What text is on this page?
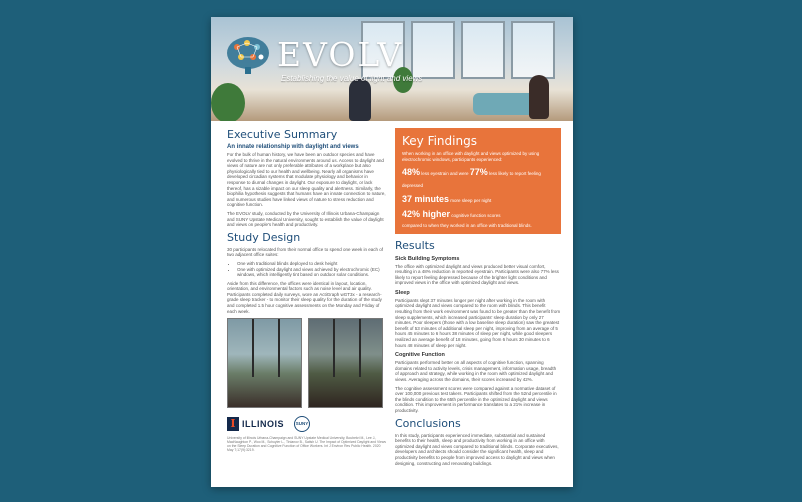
EVOLV
Establishing the value of light and views
Executive Summary
An innate relationship with daylight and views

For the bulk of human history, we have been an outdoor species and have evolved to thrive in the natural environments around us. Access to daylight and views of nature are not only preferable attributes of a workplace but also physiologically tied to our health and wellbeing. Nearly all organisms have developed circadian systems that modulate physiology and behavior in response to diurnal changes in daylight. Our exposure to daylight, or lack thereof, has a sizable impact on our sleep quality and alertness. Similarly, the biophilia hypothesis suggests that humans have an innate connection to nature, and numerous studies have linked views of nature to stress reduction and cognitive function.

The EVOLV study, conducted by the University of Illinois Urbana-Champaign and SUNY Upstate Medical University, sought to establish the value of daylight and views on people's health and productivity.

Study Design

30 participants relocated from their normal office to spend one week in each of two adjacent office suites:

• One with traditional blinds deployed to desk height
• One with optimized daylight and views achieved by electrochromic (EC) windows, which intelligently tint based on outdoor solar conditions.

Aside from this difference, the offices were identical in layout, location, orientation, and environmental factors such as noise level and air quality. Participants completed daily surveys, wore an ActiGraph wGT3x - a research-grade sleep tracker - to monitor their sleep quality for the duration of the study and completed 1.5 hour cognitive assessments on the Monday and Friday of each week.

I ILLINOIS	SUNY

University of Illinois Urbana-Champaign and SUNY Upstate Medical University, Boubekri M., Lee J., MacNaughton P., Woo M., Schuyler L., Tinianov B., Satish U. The Impact of Optimized Daylight and Views on the Sleep Duration and Cognitive Function of Office Workers. Int J Environ Res Public Health. 2020 May 7;17(9):3219.

Key Findings

When working in an office with daylight and views optimized by using electrochromic windows, participants experienced:

48% less eyestrain and were 77% less likely to report feeling depressed
37 minutes more sleep per night
42% higher cognitive function scores

compared to when they worked in an office with traditional blinds.

Results
Sick Building Symptoms

The office with optimized daylight and views produced better visual comfort, resulting in a 48% reduction in reported eyestrain. Participants were also 77% less likely to report feeling depressed because of the brighter light conditions and improved views in the office with optimized daylight and views.

Sleep

Participants slept 37 minutes longer per night after working in the room with optimized daylight and views compared to the room with blinds. This benefit resulting from their work environment was found to be greater than the benefit from sleep supplements, which increased participants' sleep duration by only 27 minutes. Poor sleepers (those with a low baseline sleep duration) saw the greatest benefit of 53 minutes of additional sleep per night, improving from an average of 5 hours 45 minutes to 6 hours 38 minutes of sleep per night, while good sleepers realized an average benefit of 18 minutes, going from 6 hours 30 minutes to 6 hours 48 minutes of sleep per night.

Cognitive Function

Participants performed better on all aspects of cognitive function, spanning domains related to activity levels, crisis management, information usage, breadth of approach and strategy, while working in the room with optimized daylight and views. Averaging across the domains, their scores increased by 42%.

The cognitive assessment scores were compared against a normative dataset of over 100,000 previous test takers. Participants shifted from the 52nd percentile in the blinds condition to the 65th percentile in the optimized daylight and views condition. This improvement in performance translates to a 21% increase in productivity.

Conclusions

In this study, participants experienced immediate, substantial and sustained benefits to their health, sleep and productivity from working in an office with optimized daylight and views compared to traditional blinds. Corporate executives, developers and architects should consider the significant health, sleep and productivity benefits to people from improved access to daylight and views when designing, constructing and renovating buildings.
